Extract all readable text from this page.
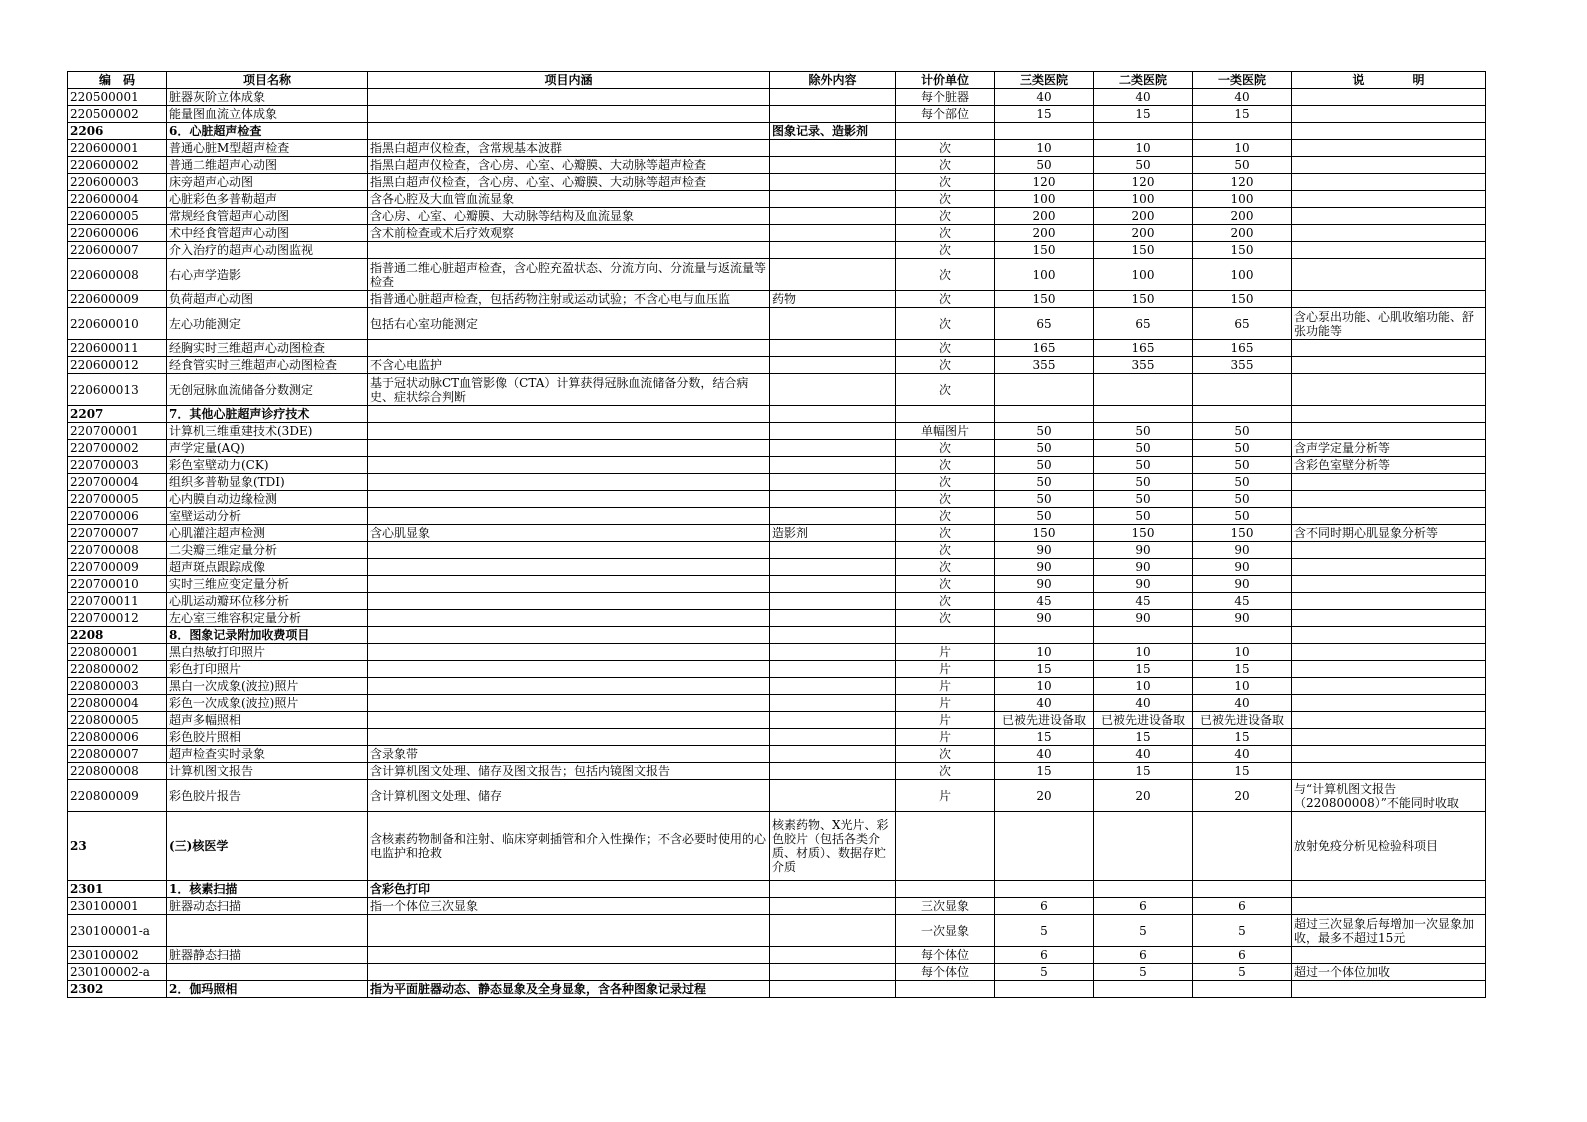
编　码	项目名称	项目内涵	除外内容	计价单位	三类医院	二类医院	一类医院	说　　　　明
220500001	脏器灰阶立体成象			每个脏器	40	40	40	
220500002	能量图血流立体成象			每个部位	15	15	15	
2206	6．心脏超声检查		图象记录、造影剂					
220600001	普通心脏M型超声检查	指黑白超声仪检查，含常规基本波群		次	10	10	10	
220600002	普通二维超声心动图	指黑白超声仪检查，含心房、心室、心瓣膜、大动脉等超声检查		次	50	50	50	
220600003	床旁超声心动图	指黑白超声仪检查，含心房、心室、心瓣膜、大动脉等超声检查		次	120	120	120	
220600004	心脏彩色多普勒超声	含各心腔及大血管血流显象		次	100	100	100	
220600005	常规经食管超声心动图	含心房、心室、心瓣膜、大动脉等结构及血流显象		次	200	200	200	
220600006	术中经食管超声心动图	含术前检查或术后疗效观察		次	200	200	200	
220600007	介入治疗的超声心动图监视			次	150	150	150	
220600008	右心声学造影	指普通二维心脏超声检查，含心腔充盈状态、分流方向、分流量与返流量等检查		次	100	100	100	
220600009	负荷超声心动图	指普通心脏超声检查，包括药物注射或运动试验；不含心电与血压监	药物	次	150	150	150	
220600010	左心功能测定	包括右心室功能测定		次	65	65	65	含心泵出功能、心肌收缩功能、舒张功能等
220600011	经胸实时三维超声心动图检查			次	165	165	165	
220600012	经食管实时三维超声心动图检查	不含心电监护		次	355	355	355	
220600013	无创冠脉血流储备分数测定	基于冠状动脉CT血管影像（CTA）计算获得冠脉血流储备分数，结合病史、症状综合判断		次				
2207	7．其他心脏超声诊疗技术							
220700001	计算机三维重建技术(3DE)			单幅图片	50	50	50	
220700002	声学定量(AQ)			次	50	50	50	含声学定量分析等
220700003	彩色室壁动力(CK)			次	50	50	50	含彩色室壁分析等
220700004	组织多普勒显象(TDI)			次	50	50	50	
220700005	心内膜自动边缘检测			次	50	50	50	
220700006	室壁运动分析			次	50	50	50	
220700007	心肌灌注超声检测	含心肌显象	造影剂	次	150	150	150	含不同时期心肌显象分析等
220700008	二尖瓣三维定量分析			次	90	90	90	
220700009	超声斑点跟踪成像			次	90	90	90	
220700010	实时三维应变定量分析			次	90	90	90	
220700011	心肌运动瓣环位移分析			次	45	45	45	
220700012	左心室三维容积定量分析			次	90	90	90	
2208	8．图象记录附加收费项目							
220800001	黑白热敏打印照片			片	10	10	10	
220800002	彩色打印照片			片	15	15	15	
220800003	黑白一次成象(波拉)照片			片	10	10	10	
220800004	彩色一次成象(波拉)照片			片	40	40	40	
220800005	超声多幅照相			片	已被先进设备取	已被先进设备取	已被先进设备取	
220800006	彩色胶片照相			片	15	15	15	
220800007	超声检查实时录象	含录象带		次	40	40	40	
220800008	计算机图文报告	含计算机图文处理、储存及图文报告；包括内镜图文报告		次	15	15	15	
220800009	彩色胶片报告	含计算机图文处理、储存		片	20	20	20	与“计算机图文报告（220800008）”不能同时收取
23	(三)核医学	含核素药物制备和注射、临床穿刺插管和介入性操作；不含必要时使用的心电监护和抢救	核素药物、X光片、彩色胶片（包括各类介质、材质）、数据存贮介质					放射免疫分析见检验科项目
2301	1．核素扫描	含彩色打印						
230100001	脏器动态扫描	指一个体位三次显象		三次显象	6	6	6	
230100001-a				一次显象	5	5	5	超过三次显象后每增加一次显象加收，最多不超过15元
230100002	脏器静态扫描			每个体位	6	6	6	
230100002-a				每个体位	5	5	5	超过一个体位加收
2302	2．伽玛照相	指为平面脏器动态、静态显象及全身显象，含各种图象记录过程						
